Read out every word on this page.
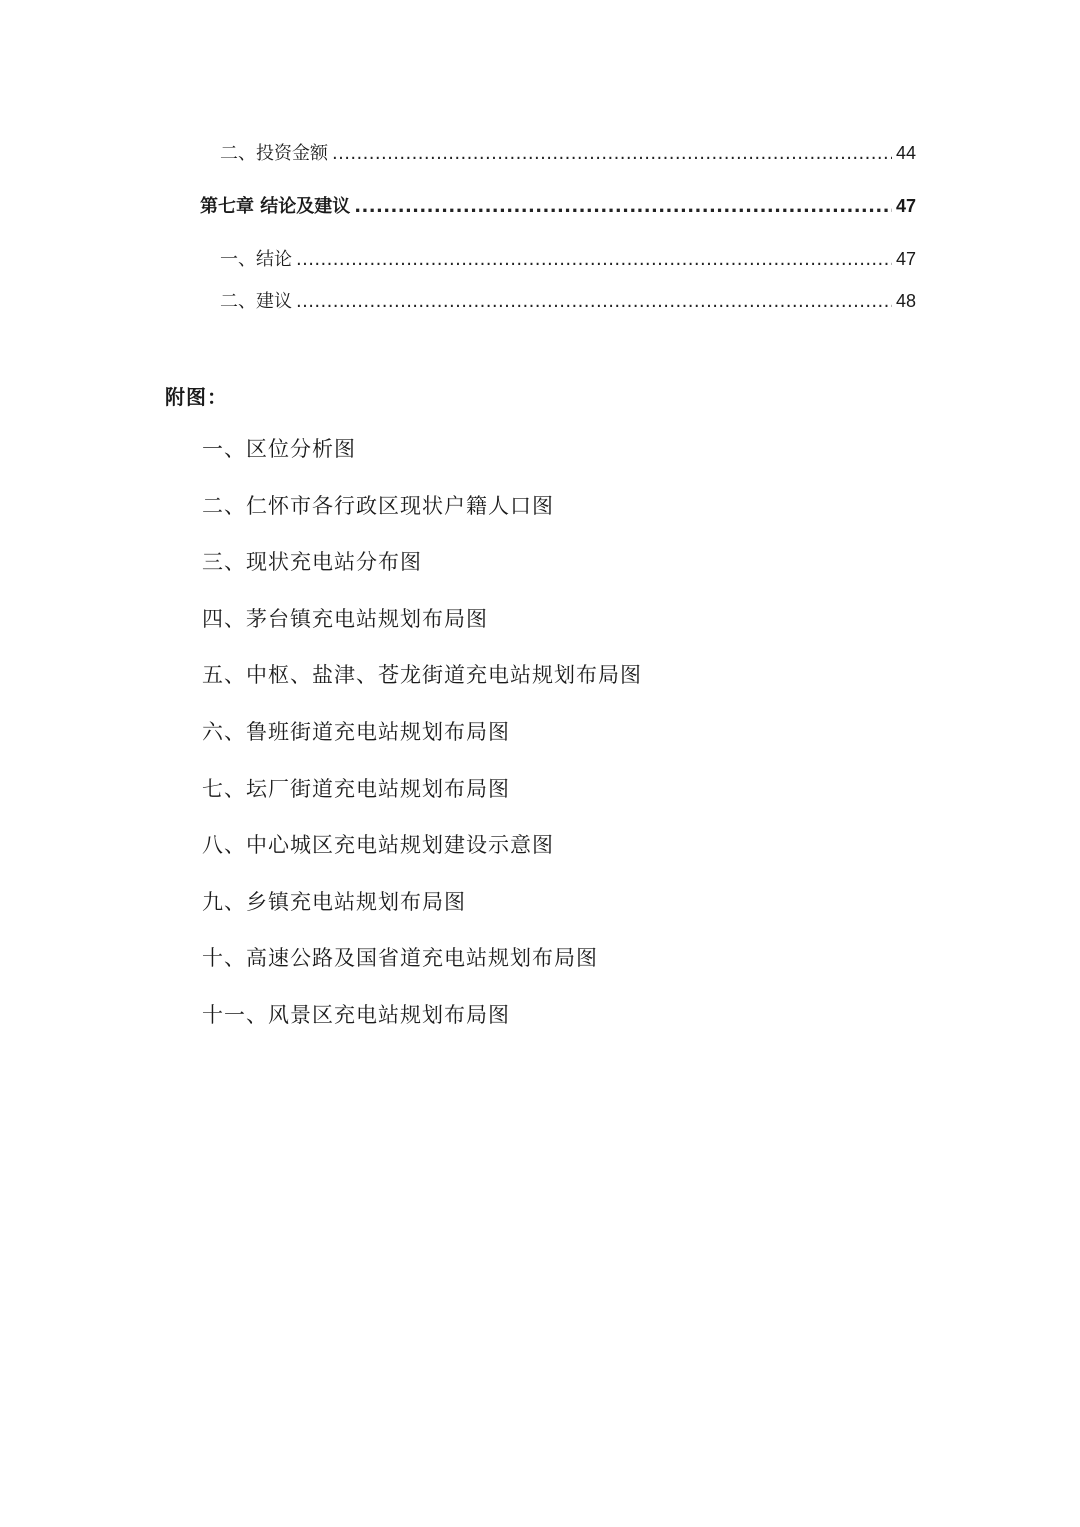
二、 投资金额 .....	44
第七章 结论及建议 .....	47
一、 结论 .....	47
二、 建议 .....	48
附图：
一、区位分析图
二、仁怀市各行政区现状户籍人口图
三、现状充电站分布图
四、茅台镇充电站规划布局图
五、中枢、盐津、苍龙街道充电站规划布局图
六、鲁班街道充电站规划布局图
七、坛厂街道充电站规划布局图
八、中心城区充电站规划建设示意图
九、乡镇充电站规划布局图
十、高速公路及国省道充电站规划布局图
十一、风景区充电站规划布局图
